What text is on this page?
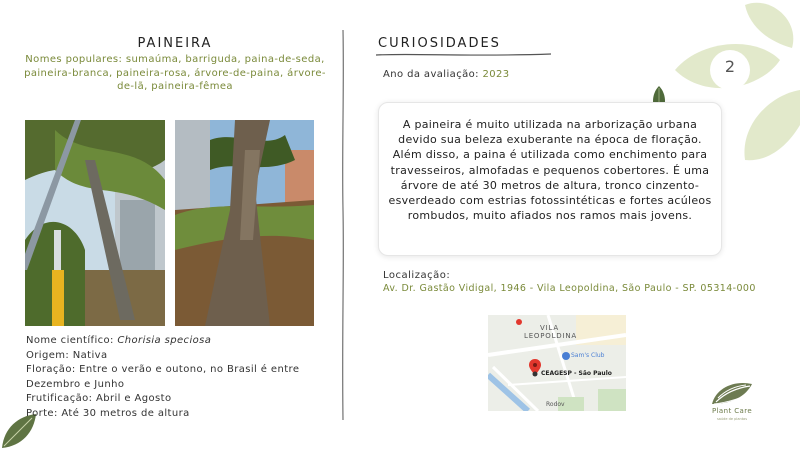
PAINEIRA
Nomes populares: sumaúma, barriguda, paina-de-seda, paineira-branca, paineira-rosa, árvore-de-paina, árvore-de-lã, paineira-fêmea
Nome científico: Chorisia speciosa
Origem: Nativa
Floração: Entre o verão e outono, no Brasil é entre Dezembro e Junho
Frutificação: Abril e Agosto
Porte: Até 30 metros de altura
CURIOSIDADES
Ano da avaliação: 2023
A paineira é muito utilizada na arborização urbana devido sua beleza exuberante na época de floração. Além disso, a paina é utilizada como enchimento para travesseiros, almofadas e pequenos cobertores. É uma árvore de até 30 metros de altura, tronco cinzento-esverdeado com estrias fotossintéticas e fortes acúleos rombudos, muito afiados nos ramos mais jovens.
Localização:
Av. Dr. Gastão Vidigal, 1946 - Vila Leopoldina, São Paulo - SP. 05314-000
VILA
LEOPOLDINA
Sam's Club
CEAGESP - São Paulo
Rodov
2
Plant Care
saúde de plantas
